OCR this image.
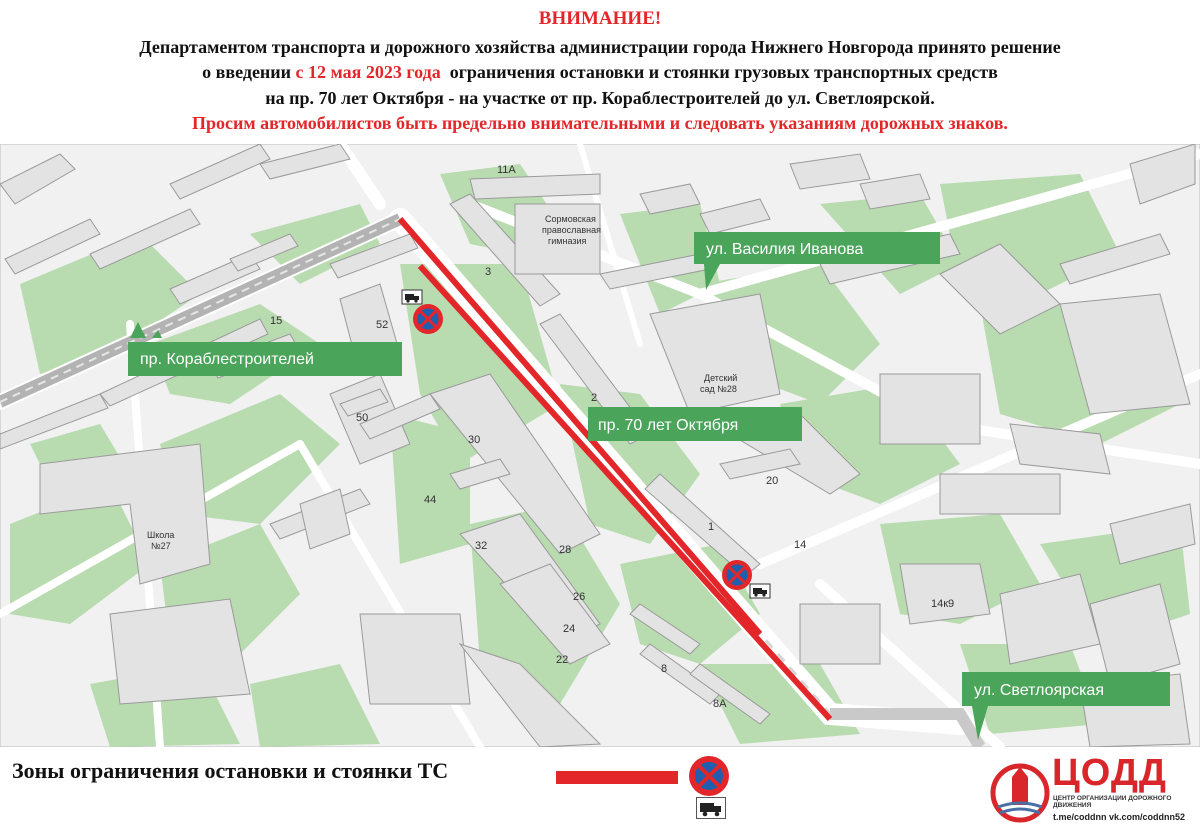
ВНИМАНИЕ!
Департаментом транспорта и дорожного хозяйства администрации города Нижнего Новгорода принято решение
о введении с 12 мая 2023 года  ограничения остановки и стоянки грузовых транспортных средств
на пр. 70 лет Октября - на участке от пр. Кораблестроителей до ул. Светлоярской.
Просим автомобилистов быть предельно внимательными и следовать указаниям дорожных знаков.
11А
3
15	52
50
30
44
2
20
1
14
32	28
26
24
22
8
8А
14к9
Сормовская
православная
гимназия
Детский
сад №28
Школа
№27
пр. Кораблестроителей
ул. Василия Иванова
пр. 70 лет Октября
ул. Светлоярская
Зоны ограничения остановки и стоянки ТС	ЦОДД
ЦЕНТР ОРГАНИЗАЦИИ ДОРОЖНОГО ДВИЖЕНИЯ
t.me/coddnn vk.com/coddnn52
